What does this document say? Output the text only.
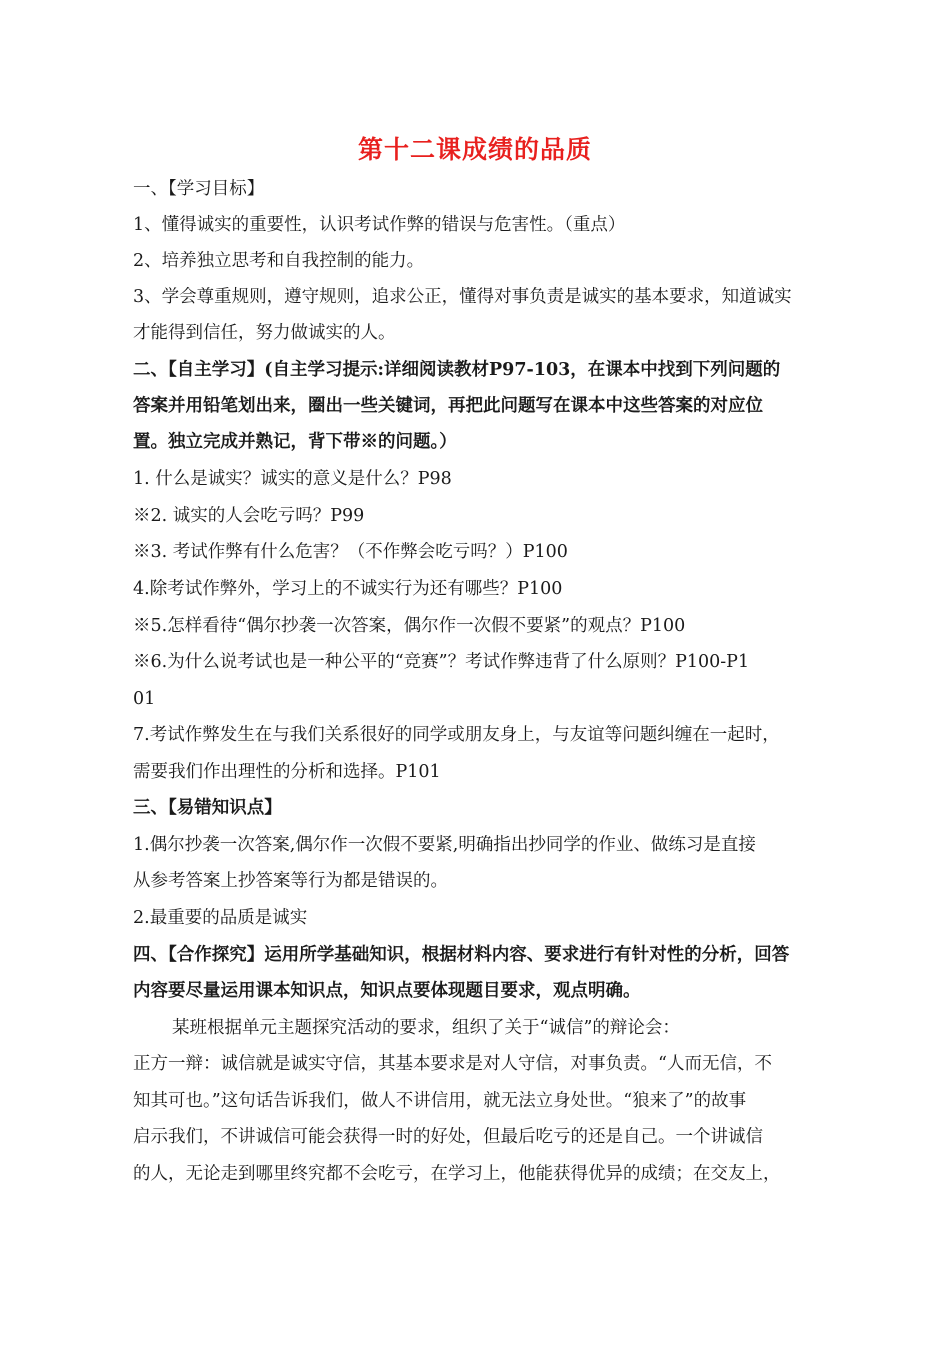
第十二课成绩的品质
一、【学习目标】
1、懂得诚实的重要性，认识考试作弊的错误与危害性。（重点）
2、培养独立思考和自我控制的能力。
3、学会尊重规则，遵守规则，追求公正，懂得对事负责是诚实的基本要求，知道诚实
才能得到信任，努力做诚实的人。
二、【自主学习】(自主学习提示:详细阅读教材P97-103，在课本中找到下列问题的
答案并用铅笔划出来，圈出一些关键词，再把此问题写在课本中这些答案的对应位
置。独立完成并熟记，背下带※的问题。）
1. 什么是诚实？诚实的意义是什么？P98
※2. 诚实的人会吃亏吗？P99
※3. 考试作弊有什么危害？（不作弊会吃亏吗？）P100
4.除考试作弊外，学习上的不诚实行为还有哪些？P100
※5.怎样看待“偶尔抄袭一次答案，偶尔作一次假不要紧”的观点？P100
※6.为什么说考试也是一种公平的“竞赛”？考试作弊违背了什么原则？P100-P1
01
7.考试作弊发生在与我们关系很好的同学或朋友身上，与友谊等问题纠缠在一起时，
需要我们作出理性的分析和选择。P101
三、【易错知识点】
1.偶尔抄袭一次答案,偶尔作一次假不要紧,明确指出抄同学的作业、做练习是直接
从参考答案上抄答案等行为都是错误的。
2.最重要的品质是诚实
四、【合作探究】运用所学基础知识，根据材料内容、要求进行有针对性的分析，回答
内容要尽量运用课本知识点，知识点要体现题目要求，观点明确。
某班根据单元主题探究活动的要求，组织了关于“诚信”的辩论会：
正方一辩：诚信就是诚实守信，其基本要求是对人守信，对事负责。“人而无信，不
知其可也。”这句话告诉我们，做人不讲信用，就无法立身处世。“狼来了”的故事
启示我们，不讲诚信可能会获得一时的好处，但最后吃亏的还是自己。一个讲诚信
的人，无论走到哪里终究都不会吃亏，在学习上，他能获得优异的成绩；在交友上，
